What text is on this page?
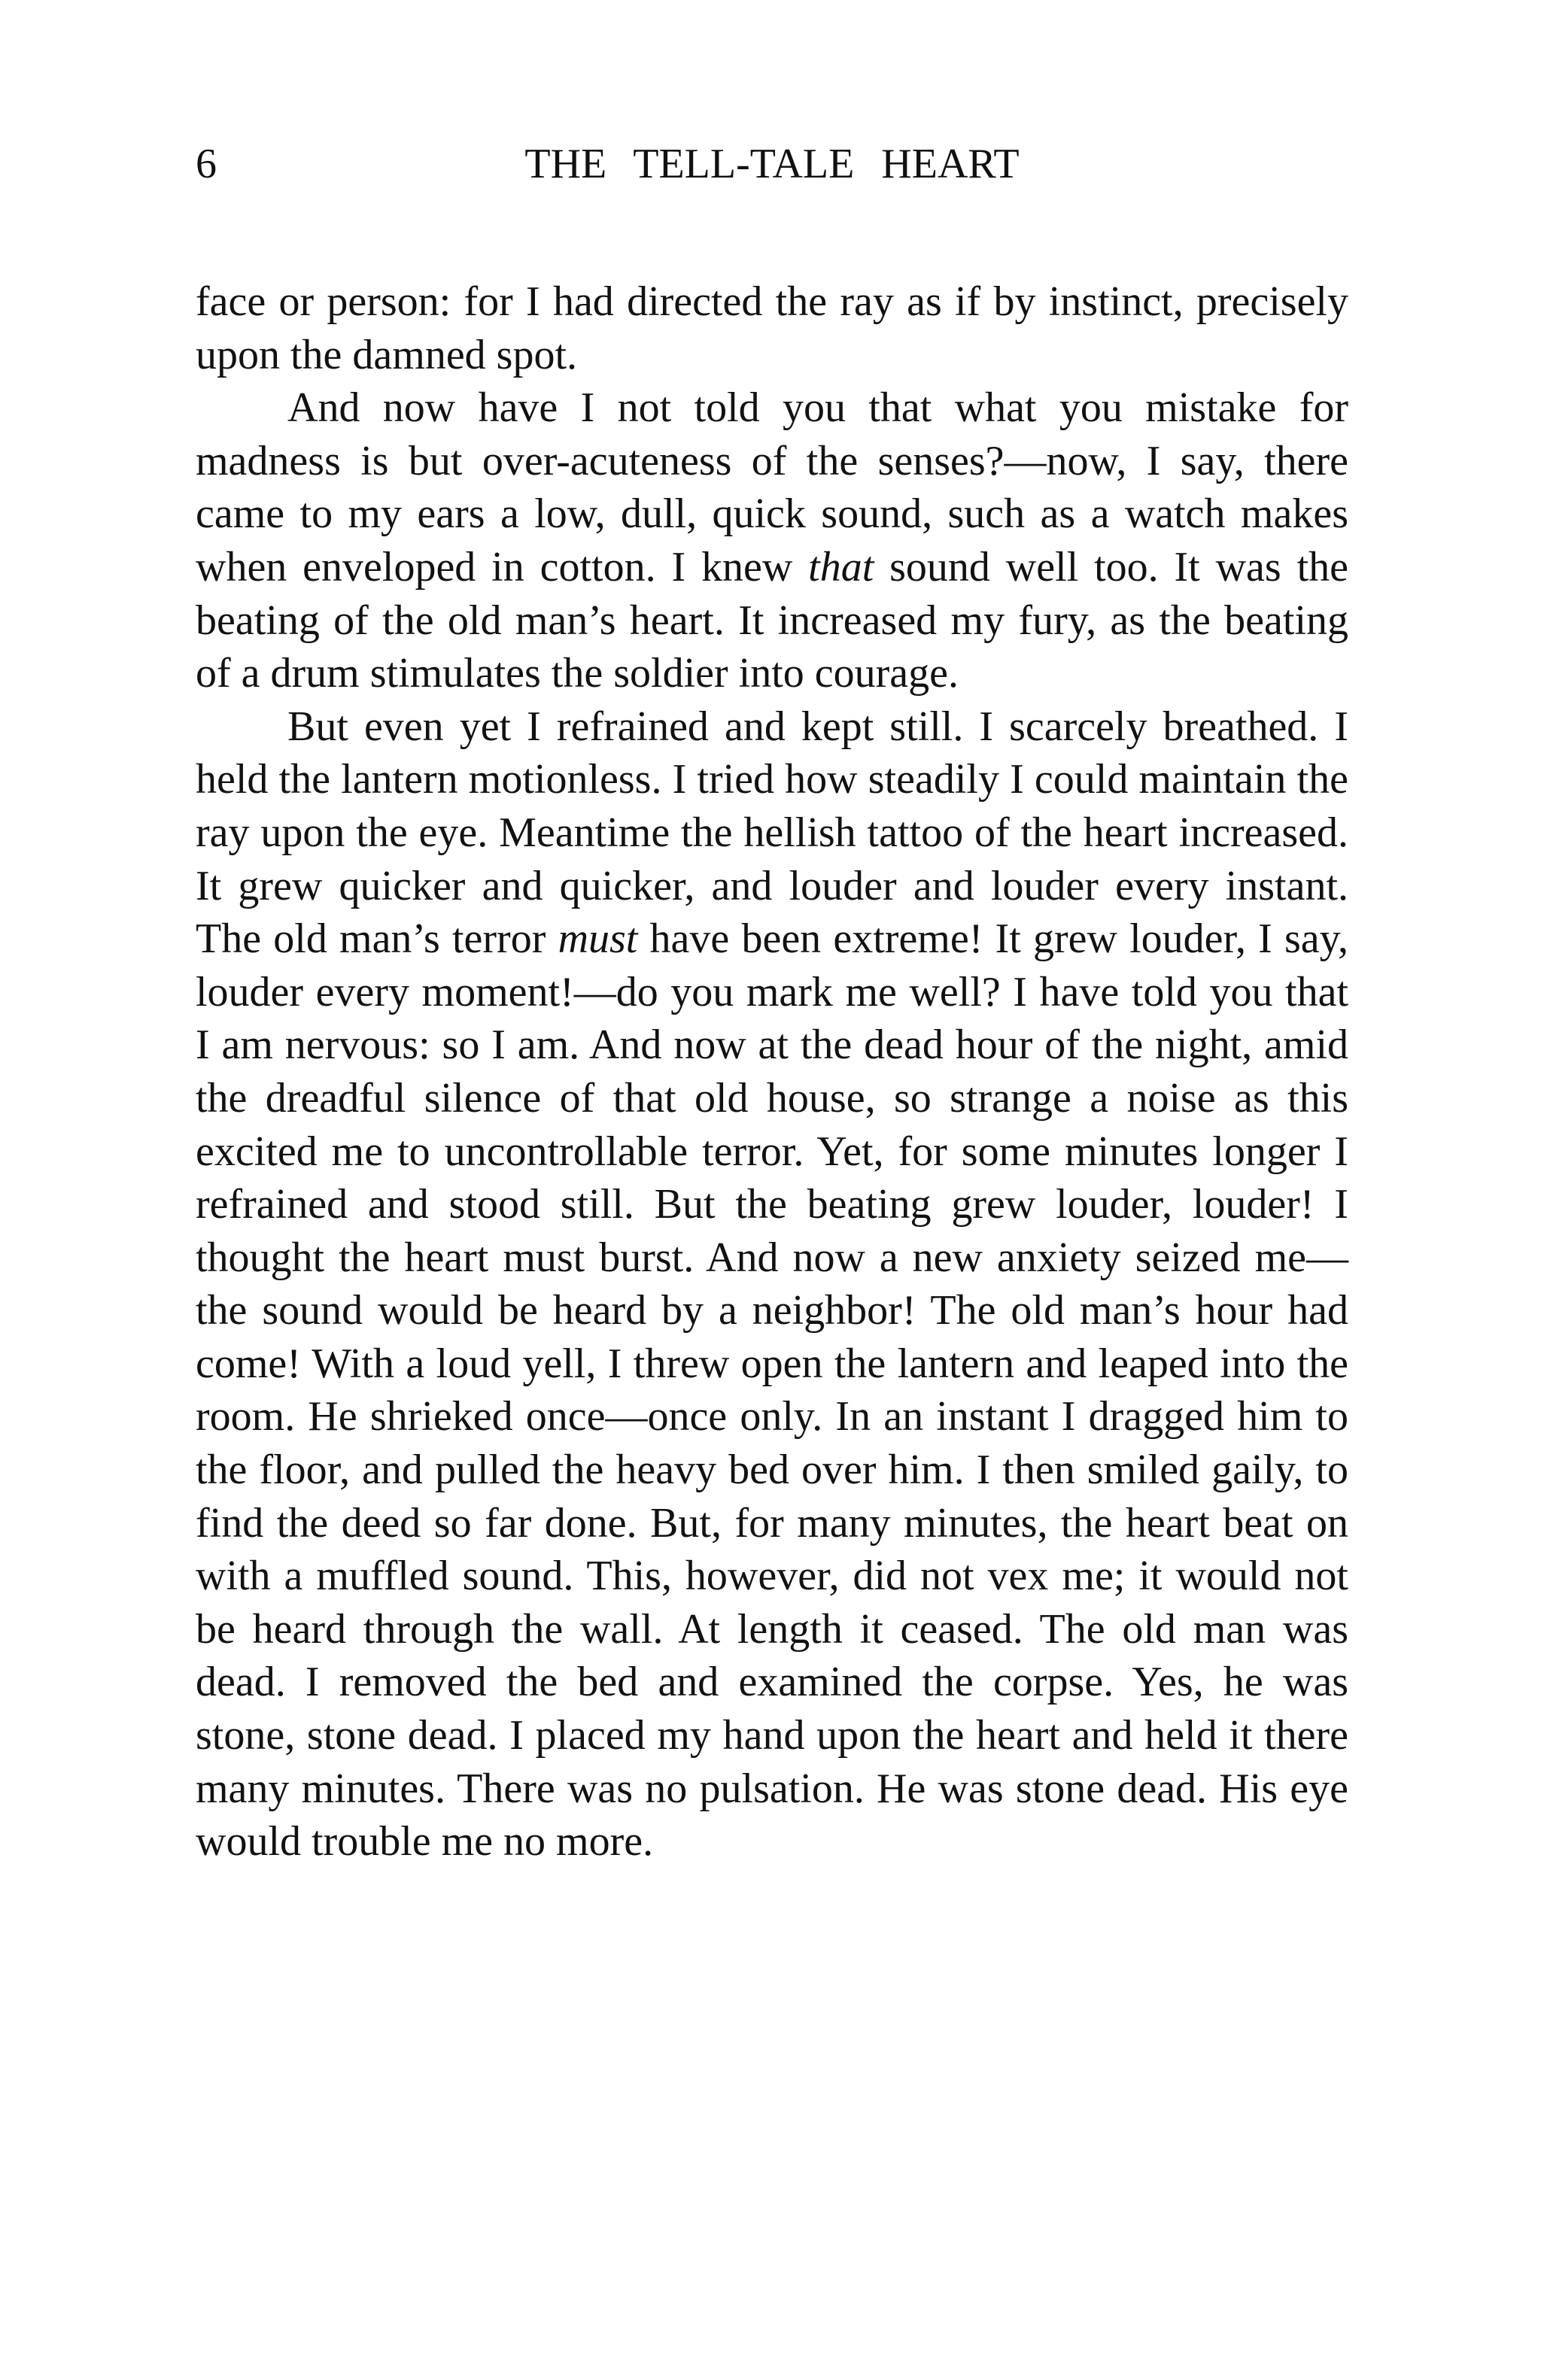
6	THE TELL-TALE HEART

face or person: for I had directed the ray as if by instinct, precisely upon the damned spot.

And now have I not told you that what you mistake for madness is but over-acuteness of the senses?—now, I say, there came to my ears a low, dull, quick sound, such as a watch makes when enveloped in cotton. I knew that sound well too. It was the beating of the old man’s heart. It increased my fury, as the beating of a drum stimulates the soldier into courage.

But even yet I refrained and kept still. I scarcely breathed. I held the lantern motionless. I tried how steadily I could maintain the ray upon the eye. Meantime the hellish tattoo of the heart increased. It grew quicker and quicker, and louder and louder every instant. The old man’s terror must have been extreme! It grew louder, I say, louder every moment!—do you mark me well? I have told you that I am nervous: so I am. And now at the dead hour of the night, amid the dreadful silence of that old house, so strange a noise as this excited me to uncontrollable terror. Yet, for some minutes longer I refrained and stood still. But the beating grew louder, louder! I thought the heart must burst. And now a new anxiety seized me—the sound would be heard by a neighbor! The old man’s hour had come! With a loud yell, I threw open the lantern and leaped into the room. He shrieked once—once only. In an instant I dragged him to the floor, and pulled the heavy bed over him. I then smiled gaily, to find the deed so far done. But, for many minutes, the heart beat on with a muffled sound. This, however, did not vex me; it would not be heard through the wall. At length it ceased. The old man was dead. I removed the bed and examined the corpse. Yes, he was stone, stone dead. I placed my hand upon the heart and held it there many minutes. There was no pulsation. He was stone dead. His eye would trouble me no more.
